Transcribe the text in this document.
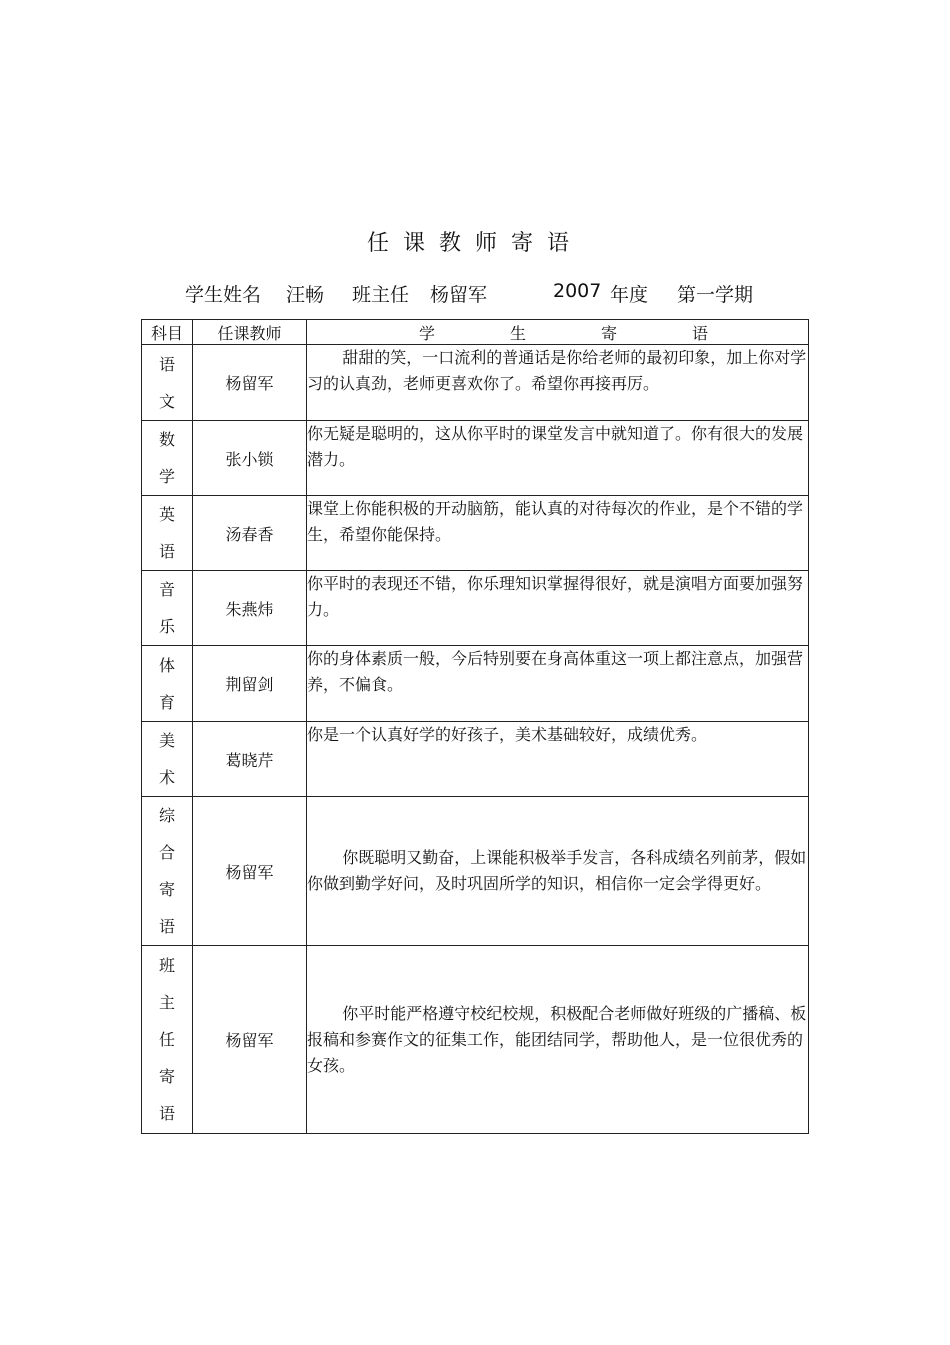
任课教师寄语
学生姓名 汪畅 班主任 杨留军	2007 年度 第一学期
科目	任课教师	学 生 寄 语

语
文	杨留军	甜甜的笑，一口流利的普通话是你给老师的最初印象，加上你对学习的认真劲，老师更喜欢你了。希望你再接再厉。

数
学	张小锁	你无疑是聪明的，这从你平时的课堂发言中就知道了。你有很大的发展潜力。

英
语	汤春香	课堂上你能积极的开动脑筋，能认真的对待每次的作业，是个不错的学生，希望你能保持。

音
乐	朱燕炜	你平时的表现还不错，你乐理知识掌握得很好，就是演唱方面要加强努力。

体
育	荆留剑	你的身体素质一般，今后特别要在身高体重这一项上都注意点，加强营养，不偏食。

美
术	葛晓芹	你是一个认真好学的好孩子，美术基础较好，成绩优秀。

综
合
寄
语	杨留军	你既聪明又勤奋，上课能积极举手发言，各科成绩名列前茅，假如你做到勤学好问，及时巩固所学的知识，相信你一定会学得更好。

班
主
任
寄
语	杨留军	你平时能严格遵守校纪校规，积极配合老师做好班级的广播稿、板报稿和参赛作文的征集工作，能团结同学，帮助他人，是一位很优秀的女孩。
